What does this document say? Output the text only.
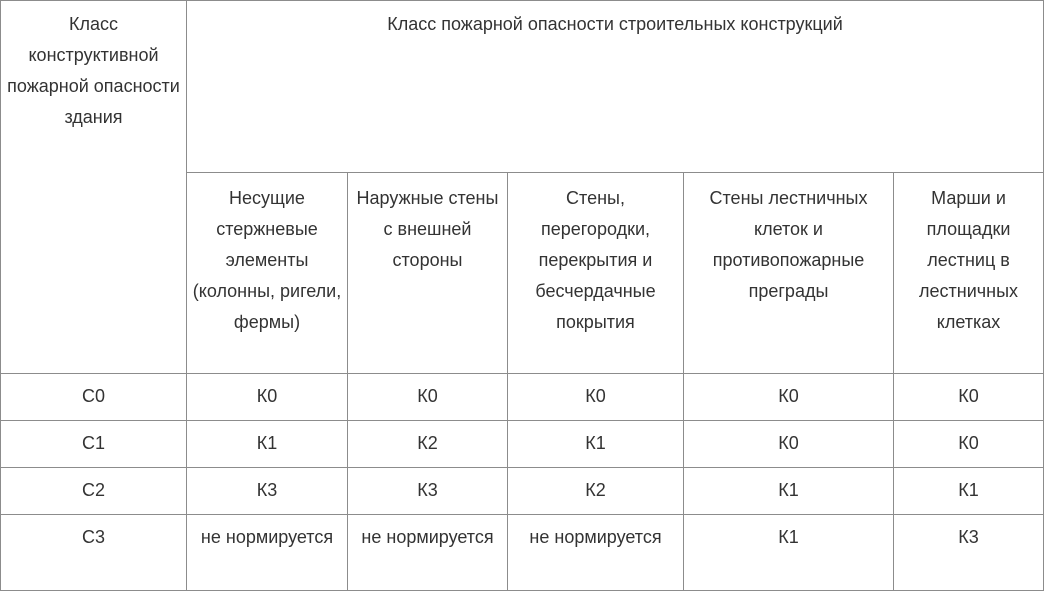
Класс конструктивной пожарной опасности здания	Класс пожарной опасности строительных конструкций				
	Несущие стержневые элементы (колонны, ригели, фермы)	Наружные стены с внешней стороны	Стены, перегородки, перекрытия и бесчердачные покрытия	Стены лестничных клеток и противопожарные преграды	Марши и площадки лестниц в лестничных клетках
С0	К0	К0	К0	К0	К0
С1	К1	К2	К1	К0	К0
С2	К3	К3	К2	К1	К1
С3	не нормируется	не нормируется	не нормируется	К1	К3
